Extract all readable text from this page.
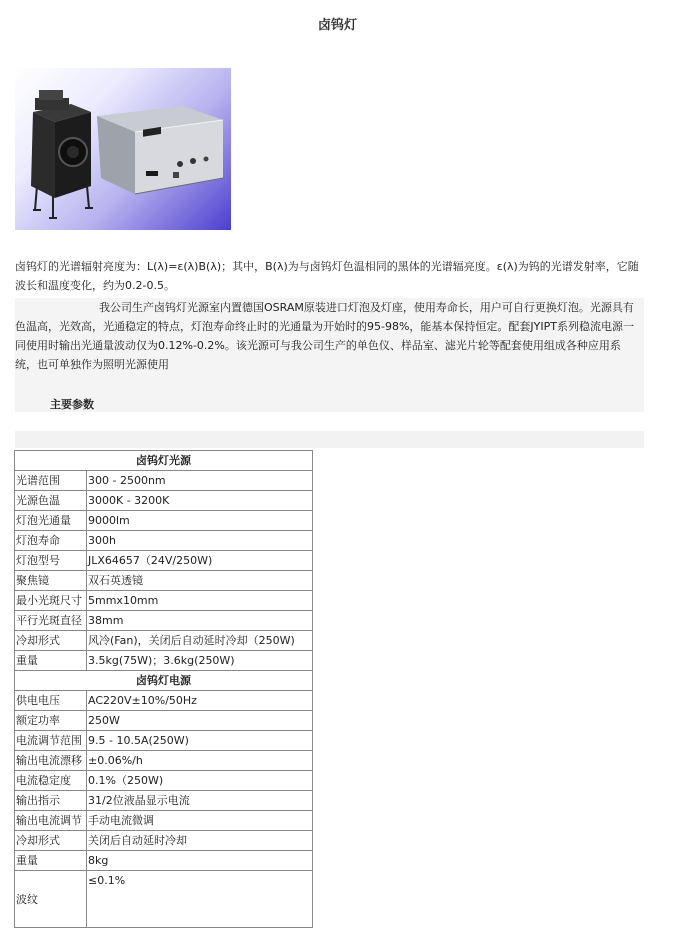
卤钨灯
卤钨灯的光谱辐射亮度为：L(λ)=ε(λ)B(λ)；其中，B(λ)为与卤钨灯色温相同的黑体的光谱辐亮度。ε(λ)为钨的光谱发射率，它随波长和温度变化，约为0.2-0.5。
我公司生产卤钨灯光源室内置德国OSRAM原装进口灯泡及灯座，使用寿命长，用户可自行更换灯泡。光源具有色温高，光效高，光通稳定的特点，灯泡寿命终止时的光通量为开始时的95-98%，能基本保持恒定。配套JYIPT系列稳流电源一同使用时输出光通量波动仅为0.12%-0.2%。该光源可与我公司生产的单色仪、样品室、滤光片轮等配套使用组成各种应用系统，也可单独作为照明光源使用
主要参数
卤钨灯光源	
光谱范围	300 - 2500nm
光源色温	3000K - 3200K
灯泡光通量	9000lm
灯泡寿命	300h
灯泡型号	JLX64657（24V/250W)
聚焦镜	双石英透镜
最小光斑尺寸	5mmx10mm
平行光斑直径	38mm
冷却形式	风冷(Fan)，关闭后自动延时冷却（250W)
重量	3.5kg(75W)；3.6kg(250W)
卤钨灯电源	
供电电压	AC220V±10%/50Hz
额定功率	250W
电流调节范围	9.5 - 10.5A(250W)
输出电流漂移	±0.06%/h
电流稳定度	0.1%（250W)
输出指示	31/2位液晶显示电流
输出电流调节	手动电流微调
冷却形式	关闭后自动延时冷却
重量	8kg
波纹	≤0.1%
